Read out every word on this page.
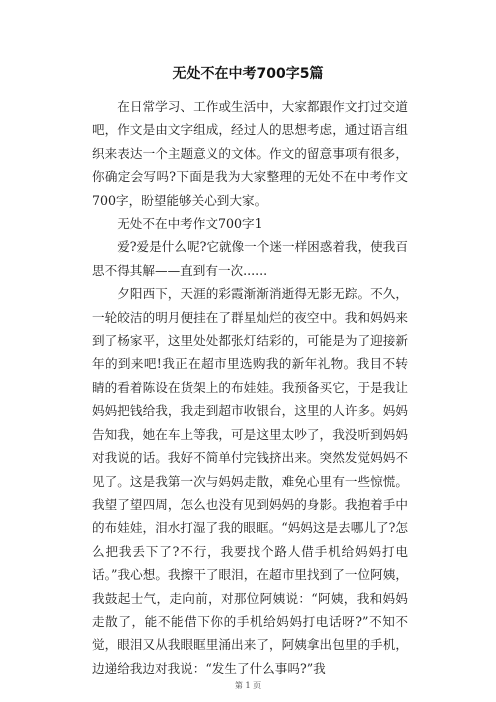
无处不在中考700字5篇

在日常学习、工作或生活中，大家都跟作文打过交道吧，作文是由文字组成，经过人的思想考虑，通过语言组织来表达一个主题意义的文体。作文的留意事项有很多，你确定会写吗?下面是我为大家整理的无处不在中考作文700字，盼望能够关心到大家。

无处不在中考作文700字1

爱?爱是什么呢?它就像一个迷一样困惑着我，使我百思不得其解——直到有一次......

夕阳西下，天涯的彩霞渐渐消逝得无影无踪。不久，一轮皎洁的明月便挂在了群星灿烂的夜空中。我和妈妈来到了杨家平，这里处处都张灯结彩的，可能是为了迎接新年的到来吧!我正在超市里选购我的新年礼物。我目不转睛的看着陈设在货架上的布娃娃。我预备买它，于是我让妈妈把钱给我，我走到超市收银台，这里的人许多。妈妈告知我，她在车上等我，可是这里太吵了，我没听到妈妈对我说的话。我好不简单付完钱挤出来。突然发觉妈妈不见了。这是我第一次与妈妈走散，难免心里有一些惊慌。我望了望四周，怎么也没有见到妈妈的身影。我抱着手中的布娃娃，泪水打湿了我的眼眶。“妈妈这是去哪儿了?怎么把我丢下了?不行，我要找个路人借手机给妈妈打电话。”我心想。我擦干了眼泪，在超市里找到了一位阿姨，我鼓起士气，走向前，对那位阿姨说：“阿姨，我和妈妈走散了，能不能借下你的手机给妈妈打电话呀?”不知不觉，眼泪又从我眼眶里涌出来了，阿姨拿出包里的手机，边递给我边对我说：“发生了什么事吗?”我

第 1 页
